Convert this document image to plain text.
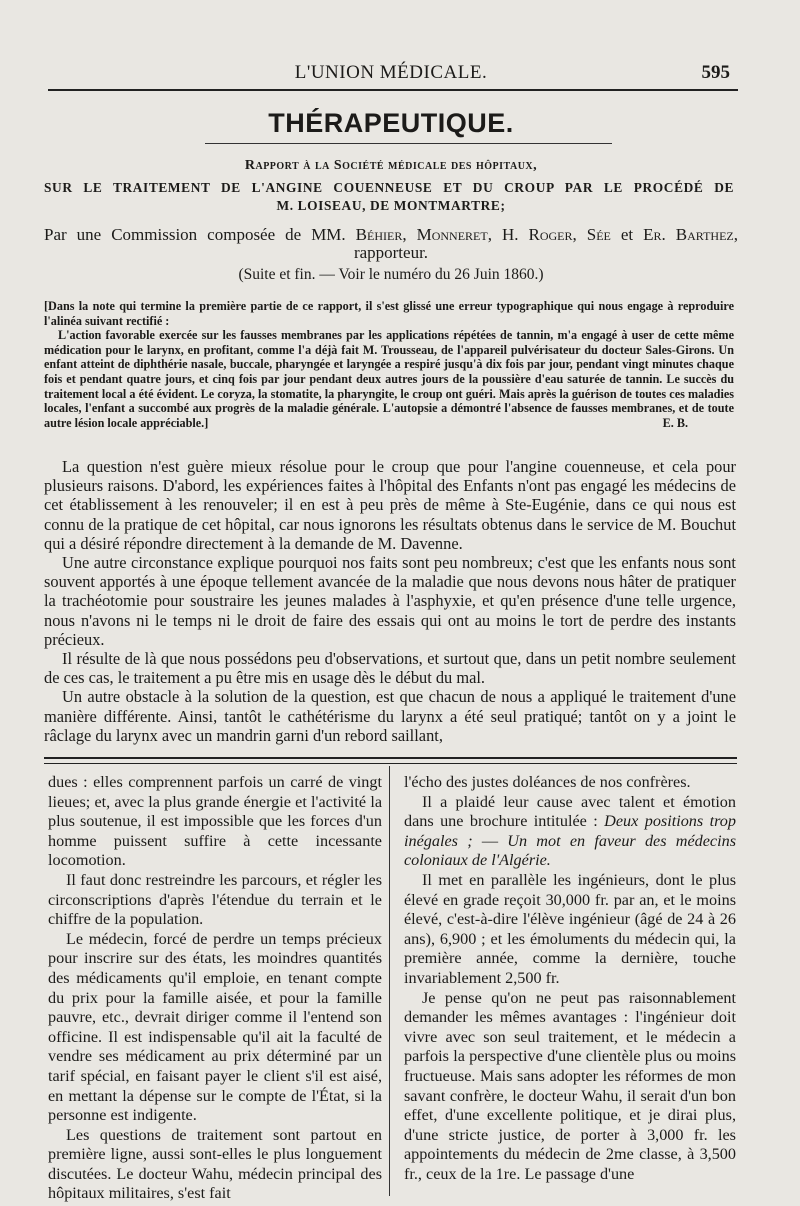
L'UNION MÉDICALE.	595
THÉRAPEUTIQUE.
Rapport à la Société médicale des hôpitaux,
SUR LE TRAITEMENT DE L'ANGINE COUENNEUSE ET DU CROUP PAR LE PROCÉDÉ DE
M. LOISEAU, DE MONTMARTRE;
Par une Commission composée de MM. Béhier, Monneret, H. Roger, Sée et Er. Barthez,
rapporteur.
(Suite et fin. — Voir le numéro du 26 Juin 1860.)

[Dans la note qui termine la première partie de ce rapport, il s'est glissé une erreur typographique qui nous engage à reproduire l'alinéa suivant rectifié :

L'action favorable exercée sur les fausses membranes par les applications répétées de tannin, m'a engagé à user de cette même médication pour le larynx, en profitant, comme l'a déjà fait M. Trousseau, de l'appareil pulvérisateur du docteur Sales-Girons. Un enfant atteint de diphthérie nasale, buccale, pharyngée et laryngée a respiré jusqu'à dix fois par jour, pendant vingt minutes chaque fois et pendant quatre jours, et cinq fois par jour pendant deux autres jours de la poussière d'eau saturée de tannin. Le succès du traitement local a été évident. Le coryza, la stomatite, la pharyngite, le croup ont guéri. Mais après la guérison de toutes ces maladies locales, l'enfant a succombé aux progrès de la maladie générale. L'autopsie a démontré l'absence de fausses membranes, et de toute autre lésion locale appréciable.]	E. B.

La question n'est guère mieux résolue pour le croup que pour l'angine couenneuse, et cela pour plusieurs raisons. D'abord, les expériences faites à l'hôpital des Enfants n'ont pas engagé les médecins de cet établissement à les renouveler; il en est à peu près de même à Ste-Eugénie, dans ce qui nous est connu de la pratique de cet hôpital, car nous ignorons les résultats obtenus dans le service de M. Bouchut qui a désiré répondre directement à la demande de M. Davenne.

Une autre circonstance explique pourquoi nos faits sont peu nombreux; c'est que les enfants nous sont souvent apportés à une époque tellement avancée de la maladie que nous devons nous hâter de pratiquer la trachéotomie pour soustraire les jeunes malades à l'asphyxie, et qu'en présence d'une telle urgence, nous n'avons ni le temps ni le droit de faire des essais qui ont au moins le tort de perdre des instants précieux.

Il résulte de là que nous possédons peu d'observations, et surtout que, dans un petit nombre seulement de ces cas, le traitement a pu être mis en usage dès le début du mal.

Un autre obstacle à la solution de la question, est que chacun de nous a appliqué le traitement d'une manière différente. Ainsi, tantôt le cathétérisme du larynx a été seul pratiqué; tantôt on y a joint le râclage du larynx avec un mandrin garni d'un rebord saillant,

dues : elles comprennent parfois un carré de vingt lieues; et, avec la plus grande énergie et l'activité la plus soutenue, il est impossible que les forces d'un homme puissent suffire à cette incessante locomotion.

Il faut donc restreindre les parcours, et régler les circonscriptions d'après l'étendue du terrain et le chiffre de la population.

Le médecin, forcé de perdre un temps précieux pour inscrire sur des états, les moindres quantités des médicaments qu'il emploie, en tenant compte du prix pour la famille aisée, et pour la famille pauvre, etc., devrait diriger comme il l'entend son officine. Il est indispensable qu'il ait la faculté de vendre ses médicament au prix déterminé par un tarif spécial, en faisant payer le client s'il est aisé, en mettant la dépense sur le compte de l'État, si la personne est indigente.

Les questions de traitement sont partout en première ligne, aussi sont-elles le plus longuement discutées. Le docteur Wahu, médecin principal des hôpitaux militaires, s'est fait

l'écho des justes doléances de nos confrères.

Il a plaidé leur cause avec talent et émotion dans une brochure intitulée : Deux positions trop inégales ; — Un mot en faveur des médecins coloniaux de l'Algérie.

Il met en parallèle les ingénieurs, dont le plus élevé en grade reçoit 30,000 fr. par an, et le moins élevé, c'est-à-dire l'élève ingénieur (âgé de 24 à 26 ans), 6,900 ; et les émoluments du médecin qui, la première année, comme la dernière, touche invariablement 2,500 fr.

Je pense qu'on ne peut pas raisonnablement demander les mêmes avantages : l'ingénieur doit vivre avec son seul traitement, et le médecin a parfois la perspective d'une clientèle plus ou moins fructueuse. Mais sans adopter les réformes de mon savant confrère, le docteur Wahu, il serait d'un bon effet, d'une excellente politique, et je dirai plus, d'une stricte justice, de porter à 3,000 fr. les appointements du médecin de 2me classe, à 3,500 fr., ceux de la 1re. Le passage d'une
